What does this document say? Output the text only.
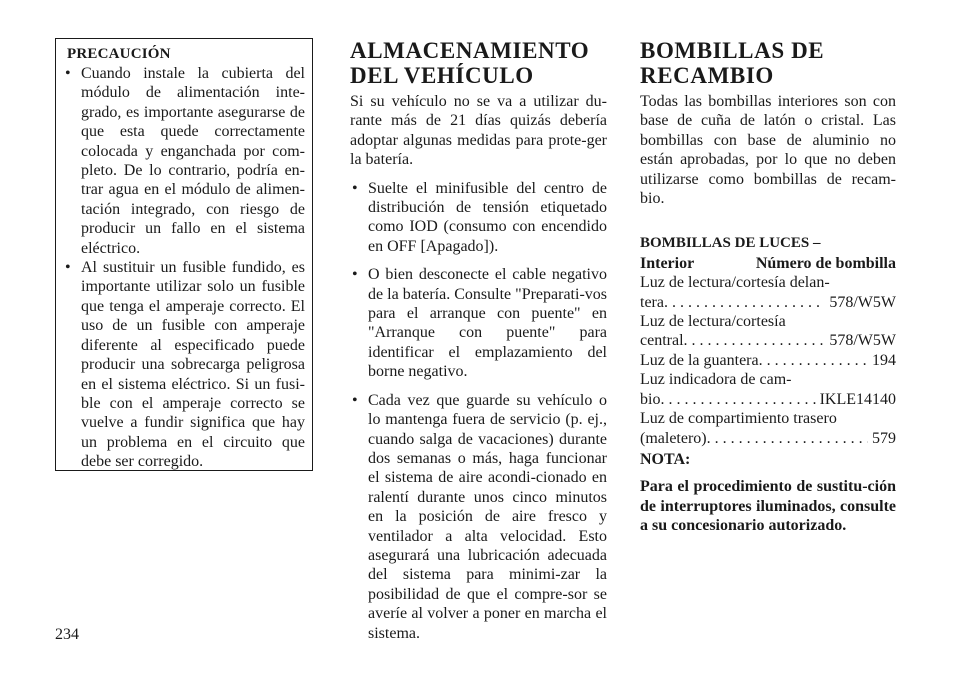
PRECAUCIÓN
• Cuando instale la cubierta del módulo de alimentación inte-grado, es importante asegurarse de que esta quede correctamente colocada y enganchada por com-pleto. De lo contrario, podría en-trar agua en el módulo de alimen-tación integrado, con riesgo de producir un fallo en el sistema eléctrico.
• Al sustituir un fusible fundido, es importante utilizar solo un fusible que tenga el amperaje correcto. El uso de un fusible con amperaje diferente al especificado puede producir una sobrecarga peligrosa en el sistema eléctrico. Si un fusi-ble con el amperaje correcto se vuelve a fundir significa que hay un problema en el circuito que debe ser corregido.
ALMACENAMIENTO DEL VEHÍCULO
Si su vehículo no se va a utilizar du-rante más de 21 días quizás debería adoptar algunas medidas para prote-ger la batería.
• Suelte el minifusible del centro de distribución de tensión etiquetado como IOD (consumo con encendido en OFF [Apagado]).
• O bien desconecte el cable negativo de la batería. Consulte "Preparati-vos para el arranque con puente" en "Arranque con puente" para identificar el emplazamiento del borne negativo.
• Cada vez que guarde su vehículo o lo mantenga fuera de servicio (p. ej., cuando salga de vacaciones) durante dos semanas o más, haga funcionar el sistema de aire acondi-cionado en ralentí durante unos cinco minutos en la posición de aire fresco y ventilador a alta velocidad. Esto asegurará una lubricación adecuada del sistema para minimi-zar la posibilidad de que el compre-sor se averíe al volver a poner en marcha el sistema.
BOMBILLAS DE RECAMBIO
Todas las bombillas interiores son con base de cuña de latón o cristal. Las bombillas con base de aluminio no están aprobadas, por lo que no deben utilizarse como bombillas de recam-bio.
BOMBILLAS DE LUCES –
Interior	Número de bombilla
Luz de lectura/cortesía delan-
tera . . .	578/W5W
Luz de lectura/cortesía
central . . .	578/W5W
Luz de la guantera . . .	194
Luz indicadora de cam-
bio . . .	IKLE14140
Luz de compartimiento trasero
(maletero) . . .	579
NOTA:
Para el procedimiento de sustitu-ción de interruptores iluminados, consulte a su concesionario autorizado.
234
